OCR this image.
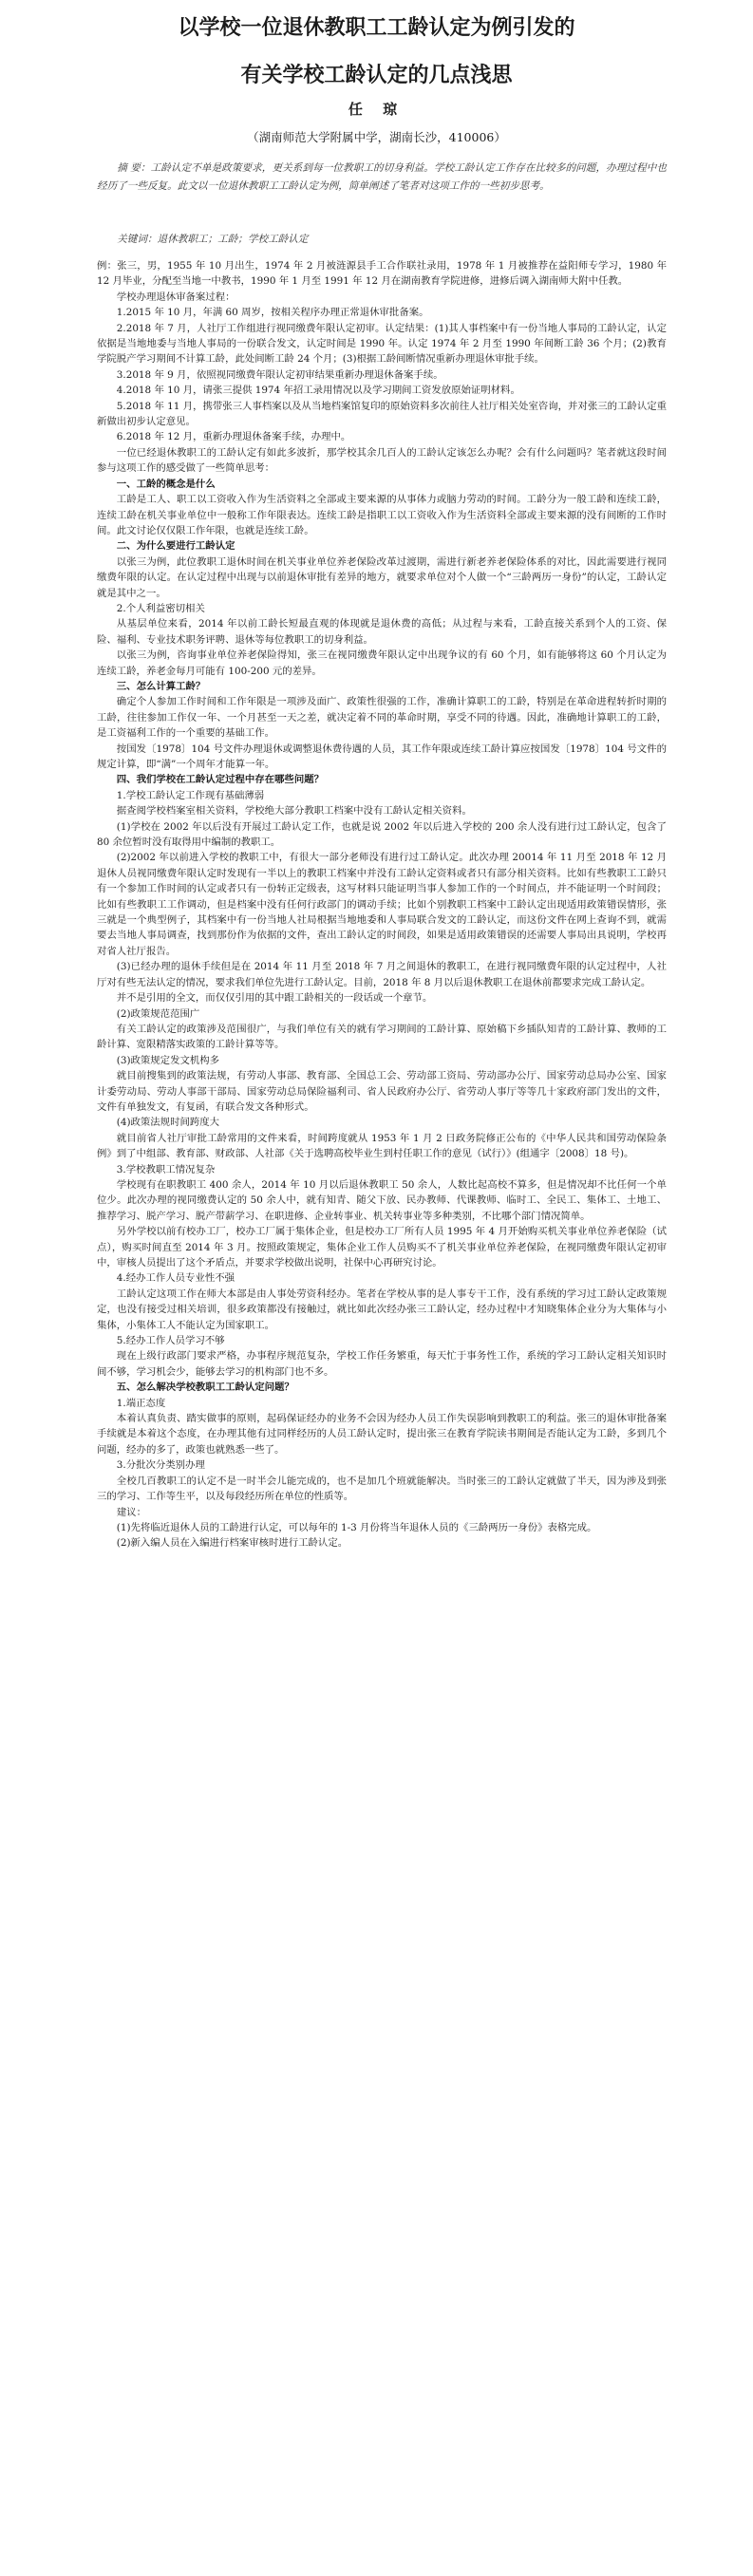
以学校一位退休教职工工龄认定为例引发的
有关学校工龄认定的几点浅思
任 琼
（湖南师范大学附属中学，湖南长沙，410006）
摘 要：工龄认定不单是政策要求，更关系到每一位教职工的切身利益。学校工龄认定工作存在比较多的问题，办理过程中也经历了一些反复。此文以一位退休教职工工龄认定为例，简单阐述了笔者对这项工作的一些初步思考。
关键词：退休教职工；工龄；学校工龄认定

例：张三，男，1955 年 10 月出生，1974 年 2 月被涟源县手工合作联社录用，1978 年 1 月被推荐在益阳师专学习，1980 年 12 月毕业，分配至当地一中教书，1990 年 1 月至 1991 年 12 月在湖南教育学院进修，进修后调入湖南师大附中任教。

学校办理退休审备案过程：

1.2015 年 10 月，年满 60 周岁，按相关程序办理正常退休审批备案。

2.2018 年 7 月，人社厅工作组进行视同缴费年限认定初审。认定结果：(1)其人事档案中有一份当地人事局的工龄认定，认定依据是当地地委与当地人事局的一份联合发文，认定时间是 1990 年。认定 1974 年 2 月至 1990 年间断工龄 36 个月；(2)教育学院脱产学习期间不计算工龄，此处间断工龄 24 个月；(3)根据工龄间断情况重新办理退休审批手续。

3.2018 年 9 月，依照视同缴费年限认定初审结果重新办理退休备案手续。

4.2018 年 10 月，请张三提供 1974 年招工录用情况以及学习期间工资发放原始证明材料。

5.2018 年 11 月，携带张三人事档案以及从当地档案馆复印的原始资料多次前往人社厅相关处室咨询，并对张三的工龄认定重新做出初步认定意见。

6.2018 年 12 月，重新办理退休备案手续，办理中。

一位已经退休教职工的工龄认定有如此多波折，那学校其余几百人的工龄认定该怎么办呢？会有什么问题吗？笔者就这段时间参与这项工作的感受做了一些简单思考：

一、工龄的概念是什么

工龄是工人、职工以工资收入作为生活资料之全部或主要来源的从事体力或脑力劳动的时间。工龄分为一般工龄和连续工龄，连续工龄在机关事业单位中一般称工作年限表达。连续工龄是指职工以工资收入作为生活资料全部或主要来源的没有间断的工作时间。此文讨论仅仅限工作年限，也就是连续工龄。

二、为什么要进行工龄认定

以张三为例，此位教职工退休时间在机关事业单位养老保险改革过渡期，需进行新老养老保险体系的对比，因此需要进行视同缴费年限的认定。在认定过程中出现与以前退休审批有差异的地方，就要求单位对个人做一个“三龄两历一身份”的认定，工龄认定就是其中之一。

2.个人利益密切相关

从基层单位来看，2014 年以前工龄长短最直观的体现就是退休费的高低；从过程与来看，工龄直接关系到个人的工资、保险、福利、专业技术职务评聘、退休等每位教职工的切身利益。

以张三为例，咨询事业单位养老保险得知，张三在视同缴费年限认定中出现争议的有 60 个月，如有能够将这 60 个月认定为连续工龄，养老金每月可能有 100-200 元的差异。

三、怎么计算工龄？

确定个人参加工作时间和工作年限是一项涉及面广、政策性很强的工作，准确计算职工的工龄，特别是在革命进程转折时期的工龄，往往参加工作仅一年、一个月甚至一天之差，就决定着不同的革命时期，享受不同的待遇。因此，准确地计算职工的工龄，是工资福利工作的一个重要的基础工作。

按国发〔1978〕104 号文件办理退休或调整退休费待遇的人员，其工作年限或连续工龄计算应按国发〔1978〕104 号文件的规定计算，即“满”一个周年才能算一年。

四、我们学校在工龄认定过程中存在哪些问题？

1.学校工龄认定工作现有基础薄弱

据查阅学校档案室相关资料，学校绝大部分教职工档案中没有工龄认定相关资料。

(1)学校在 2002 年以后没有开展过工龄认定工作，也就是说 2002 年以后进入学校的 200 余人没有进行过工龄认定，包含了 80 余位暂时没有取得用中编制的教职工。

(2)2002 年以前进入学校的教职工中，有很大一部分老师没有进行过工龄认定。此次办理 20014 年 11 月至 2018 年 12 月退休人员视同缴费年限认定时发现有一半以上的教职工档案中并没有工龄认定资料或者只有部分相关资料。比如有些教职工工龄只有一个参加工作时间的认定或者只有一份转正定级表，这写材料只能证明当事人参加工作的一个时间点，并不能证明一个时间段；比如有些教职工工作调动，但是档案中没有任何行政部门的调动手续；比如个别教职工档案中工龄认定出现适用政策错误情形，张三就是一个典型例子，其档案中有一份当地人社局根据当地地委和人事局联合发文的工龄认定，而这份文件在网上查询不到，就需要去当地人事局调查，找到那份作为依据的文件，查出工龄认定的时间段，如果是适用政策错误的还需要人事局出具说明，学校再对省人社厅报告。

(3)已经办理的退休手续但是在 2014 年 11 月至 2018 年 7 月之间退休的教职工，在进行视同缴费年限的认定过程中，人社厅对有些无法认定的情况，要求我们单位先进行工龄认定。目前，2018 年 8 月以后退休教职工在退休前都要求完成工龄认定。

并不是引用的全文，而仅仅引用的其中跟工龄相关的一段话或一个章节。

(2)政策规范范围广

有关工龄认定的政策涉及范围很广，与我们单位有关的就有学习期间的工龄计算、原始稿下乡插队知青的工龄计算、教师的工龄计算、宽限精落实政策的工龄计算等等。

(3)政策规定发文机构多

就目前搜集到的政策法规，有劳动人事部、教育部、全国总工会、劳动部工资局、劳动部办公厅、国家劳动总局办公室、国家计委劳动局、劳动人事部干部局、国家劳动总局保险福利司、省人民政府办公厅、省劳动人事厅等等几十家政府部门发出的文件，文件有单独发文，有复函，有联合发文各种形式。

(4)政策法规时间跨度大

就目前省人社厅审批工龄常用的文件来看，时间跨度就从 1953 年 1 月 2 日政务院修正公布的《中华人民共和国劳动保险条例》到了中组部、教育部、财政部、人社部《关于选聘高校毕业生到村任职工作的意见（试行）》(组通字〔2008〕18 号)。

3.学校教职工情况复杂

学校现有在职教职工 400 余人，2014 年 10 月以后退休教职工 50 余人，人数比起高校不算多，但是情况却不比任何一个单位少。此次办理的视同缴费认定的 50 余人中，就有知青、随父下放、民办教师、代课教师、临时工、全民工、集体工、土地工、推荐学习、脱产学习、脱产带薪学习、在职进修、企业转事业、机关转事业等多种类别，不比哪个部门情况简单。

另外学校以前有校办工厂，校办工厂属于集体企业，但是校办工厂所有人员 1995 年 4 月开始购买机关事业单位养老保险（试点），购买时间直至 2014 年 3 月。按照政策规定，集体企业工作人员购买不了机关事业单位养老保险，在视同缴费年限认定初审中，审核人员提出了这个矛盾点，并要求学校做出说明，社保中心再研究讨论。

4.经办工作人员专业性不强

工龄认定这项工作在师大本部是由人事处劳资科经办。笔者在学校从事的是人事专干工作，没有系统的学习过工龄认定政策规定，也没有接受过相关培训，很多政策都没有接触过，就比如此次经办张三工龄认定，经办过程中才知晓集体企业分为大集体与小集体，小集体工人不能认定为国家职工。

5.经办工作人员学习不够

现在上级行政部门要求严格，办事程序规范复杂，学校工作任务繁重，每天忙于事务性工作，系统的学习工龄认定相关知识时间不够，学习机会少，能够去学习的机构部门也不多。

五、怎么解决学校教职工工龄认定问题？

1.端正态度

本着认真负责、踏实做事的原则，起码保证经办的业务不会因为经办人员工作失误影响到教职工的利益。张三的退休审批备案手续就是本着这个态度，在办理其他有过同样经历的人员工龄认定时，提出张三在教育学院读书期间是否能认定为工龄，多到几个问题，经办的多了，政策也就熟悉一些了。

3.分批次分类别办理

全校几百教职工的认定不是一时半会儿能完成的，也不是加几个班就能解决。当时张三的工龄认定就做了半天，因为涉及到张三的学习、工作等生平，以及每段经历所在单位的性质等。

建议：

(1)先将临近退休人员的工龄进行认定，可以每年的 1-3 月份将当年退休人员的《三龄两历一身份》表格完成。

(2)新入编人员在入编进行档案审核时进行工龄认定。
